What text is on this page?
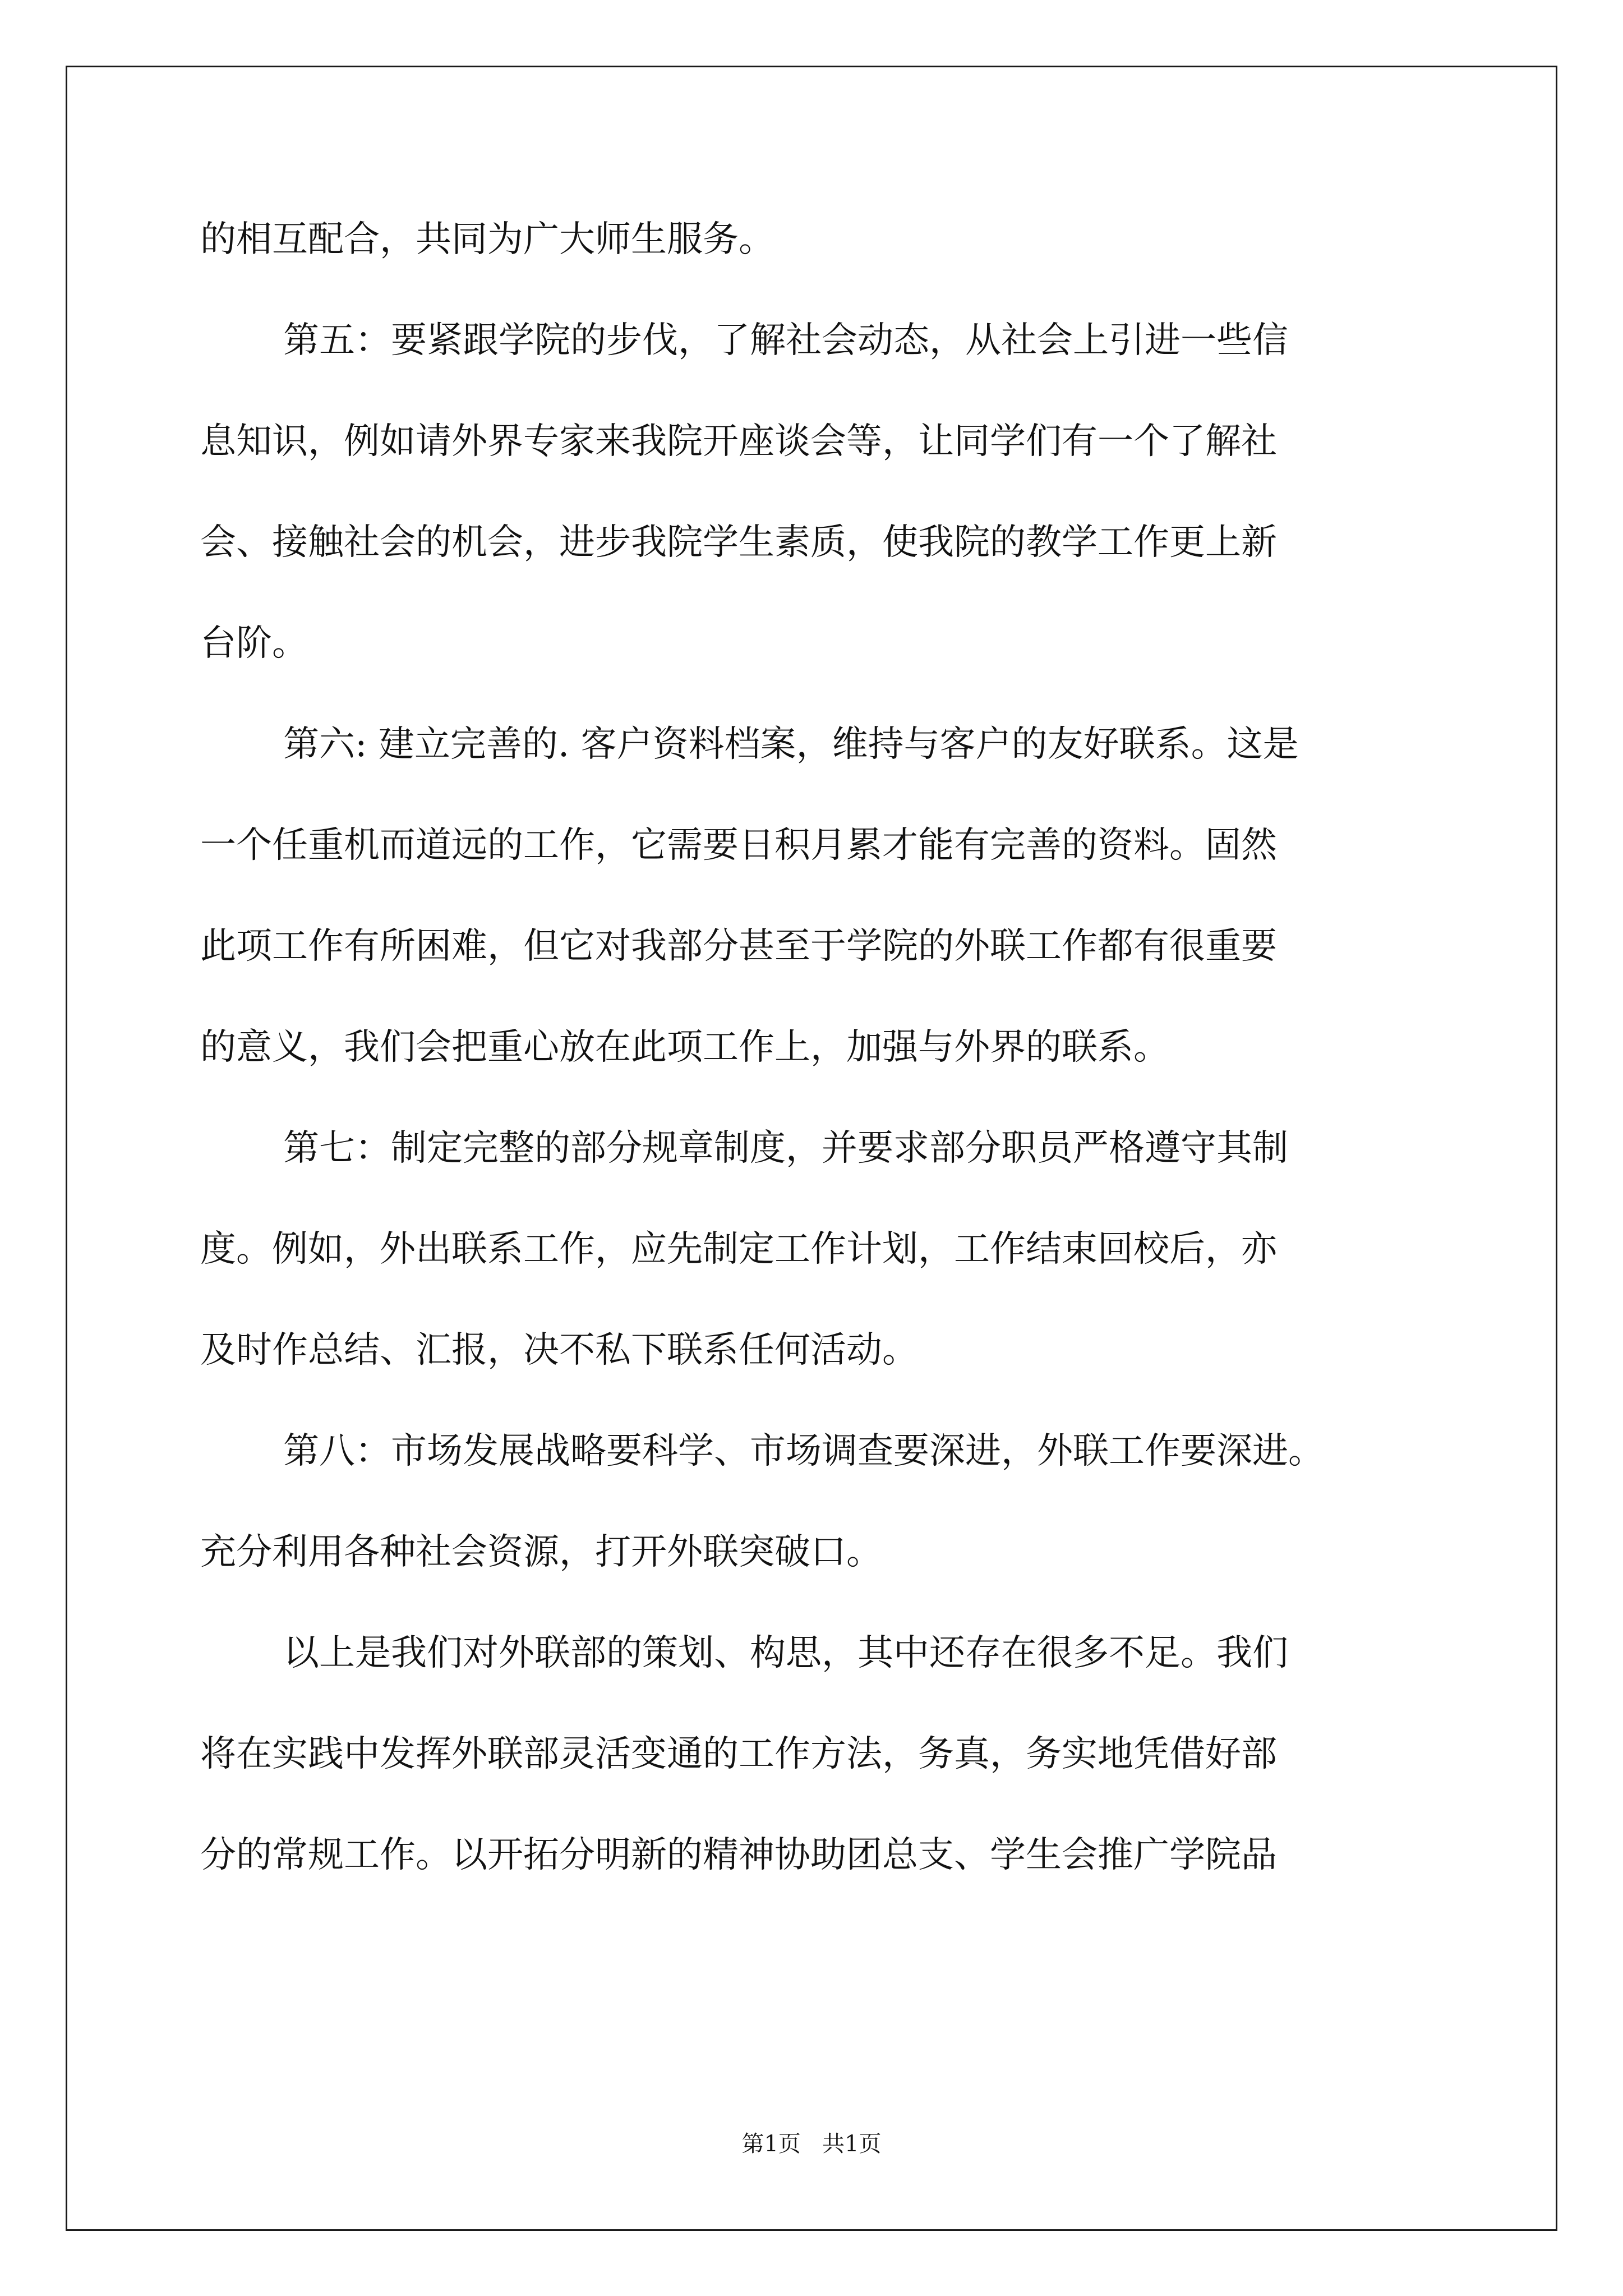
的相互配合，共同为广大师生服务。

第五：要紧跟学院的步伐，了解社会动态，从社会上引进一些信

息知识，例如请外界专家来我院开座谈会等，让同学们有一个了解社

会、接触社会的机会，进步我院学生素质，使我院的教学工作更上新

台阶。

第六: 建立完善的. 客户资料档案，维持与客户的友好联系。这是

一个任重机而道远的工作，它需要日积月累才能有完善的资料。固然

此项工作有所困难，但它对我部分甚至于学院的外联工作都有很重要

的意义，我们会把重心放在此项工作上，加强与外界的联系。

第七：制定完整的部分规章制度，并要求部分职员严格遵守其制

度。例如，外出联系工作，应先制定工作计划，工作结束回校后，亦

及时作总结、汇报，决不私下联系任何活动。

第八：市场发展战略要科学、市场调查要深进，外联工作要深进。

充分利用各种社会资源，打开外联突破口。

以上是我们对外联部的策划、构思，其中还存在很多不足。我们

将在实践中发挥外联部灵活变通的工作方法，务真，务实地凭借好部

分的常规工作。以开拓分明新的精神协助团总支、学生会推广学院品

第1页   共1页
